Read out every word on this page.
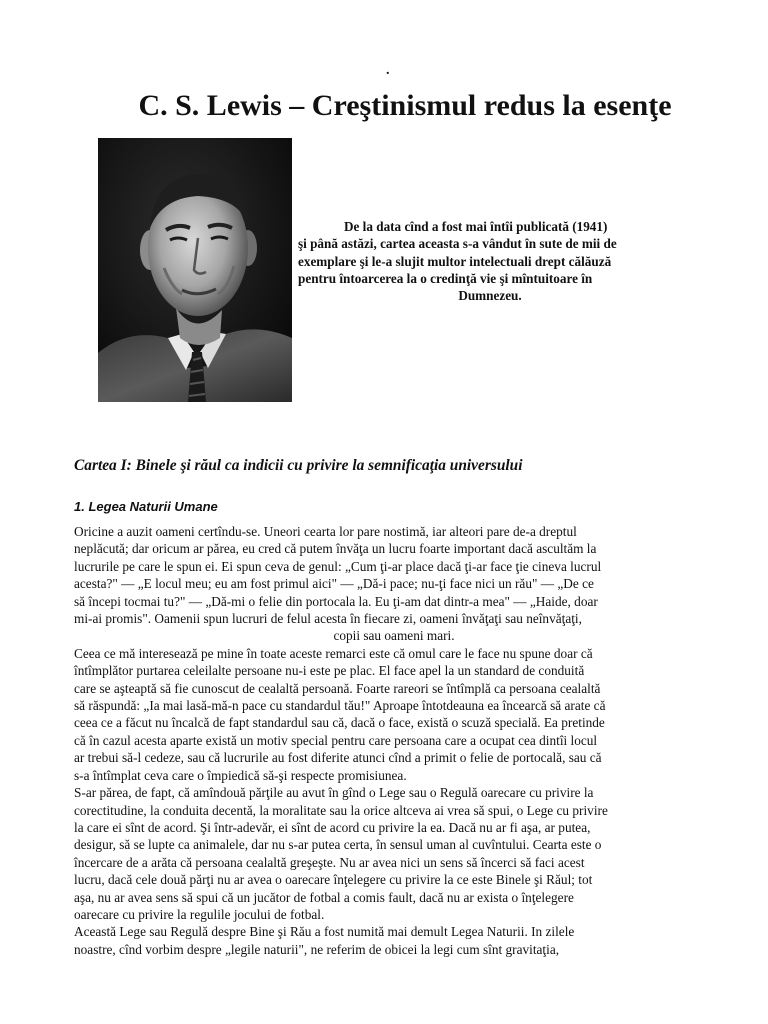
.
C. S. Lewis – Creştinismul redus la esenţe

De la data cînd a fost mai întîi publicată (1941)

şi până astăzi, cartea aceasta s-a vândut în sute de mii de

exemplare şi le-a slujit multor intelectuali drept călăuză

pentru întoarcerea la o credinţă vie şi mîntuitoare în

Dumnezeu.

Cartea I: Binele şi răul ca indicii cu privire la semnificaţia universului
1. Legea Naturii Umane
Oricine a auzit oameni certîndu-se. Uneori cearta lor pare nostimă, iar alteori pare de-a dreptul
neplăcută; dar oricum ar părea, eu cred că putem învăţa un lucru foarte important dacă ascultăm la
lucrurile pe care le spun ei. Ei spun ceva de genul: „Cum ţi-ar place dacă ţi-ar face ţie cineva lucrul
acesta?" — „E locul meu; eu am fost primul aici" — „Dă-i pace; nu-ţi face nici un rău" — „De ce
să începi tocmai tu?" — „Dă-mi o felie din portocala la. Eu ţi-am dat dintr-a mea" — „Haide, doar
mi-ai promis". Oamenii spun lucruri de felul acesta în fiecare zi, oameni învăţaţi sau neînvăţaţi,
copii sau oameni mari.
Ceea ce mă interesează pe mine în toate aceste remarci este că omul care le face nu spune doar că
întîmplător purtarea celeilalte persoane nu-i este pe plac. El face apel la un standard de conduită
care se aşteaptă să fie cunoscut de cealaltă persoană. Foarte rareori se întîmplă ca persoana cealaltă
să răspundă: „Ia mai lasă-mă-n pace cu standardul tău!" Aproape întotdeauna ea încearcă să arate că
ceea ce a făcut nu încalcă de fapt standardul sau că, dacă o face, există o scuză specială. Ea pretinde
că în cazul acesta aparte există un motiv special pentru care persoana care a ocupat cea dintîi locul
ar trebui să-l cedeze, sau că lucrurile au fost diferite atunci cînd a primit o felie de portocală, sau că
s-a întîmplat ceva care o împiedică să-şi respecte promisiunea.
S-ar părea, de fapt, că amîndouă părţile au avut în gînd o Lege sau o Regulă oarecare cu privire la
corectitudine, la conduita decentă, la moralitate sau la orice altceva ai vrea să spui, o Lege cu privire
la care ei sînt de acord. Şi într-adevăr, ei sînt de acord cu privire la ea. Dacă nu ar fi aşa, ar putea,
desigur, să se lupte ca animalele, dar nu s-ar putea certa, în sensul uman al cuvîntului. Cearta este o
încercare de a arăta că persoana cealaltă greşeşte. Nu ar avea nici un sens să încerci să faci acest
lucru, dacă cele două părţi nu ar avea o oarecare înţelegere cu privire la ce este Binele şi Răul; tot
aşa, nu ar avea sens să spui că un jucător de fotbal a comis fault, dacă nu ar exista o înţelegere
oarecare cu privire la regulile jocului de fotbal.
Această Lege sau Regulă despre Bine şi Rău a fost numită mai demult Legea Naturii. In zilele
noastre, cînd vorbim despre „legile naturii", ne referim de obicei la legi cum sînt gravitaţia,
